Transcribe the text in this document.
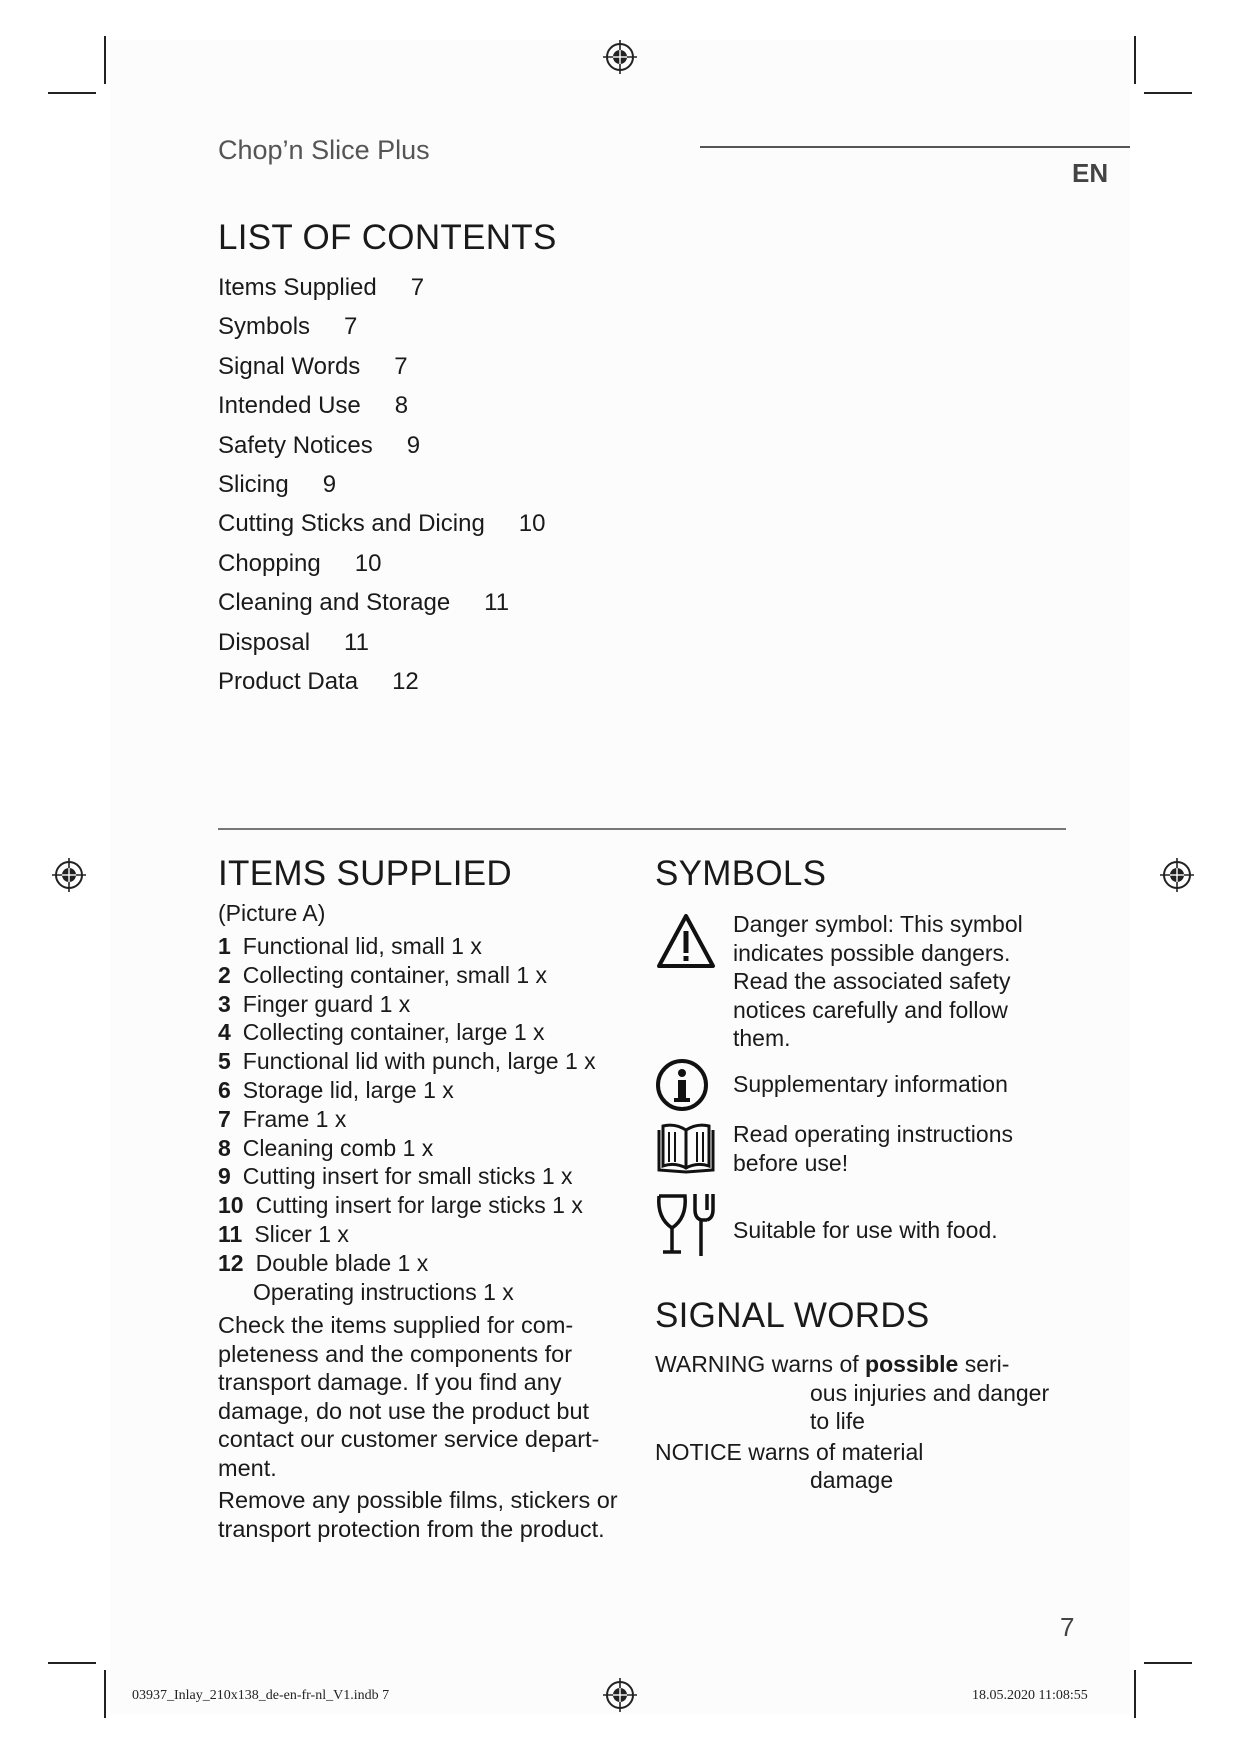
Chop’n Slice Plus
EN
LIST OF CONTENTS
Items Supplied 7
Symbols 7
Signal Words 7
Intended Use 8
Safety Notices 9
Slicing 9
Cutting Sticks and Dicing 10
Chopping 10
Cleaning and Storage 11
Disposal 11
Product Data 12
ITEMS SUPPLIED
(Picture A)
1 Functional lid, small 1 x
2 Collecting container, small 1 x
3 Finger guard 1 x
4 Collecting container, large 1 x
5 Functional lid with punch, large 1 x
6 Storage lid, large 1 x
7 Frame 1 x
8 Cleaning comb 1 x
9 Cutting insert for small sticks 1 x
10 Cutting insert for large sticks 1 x
11 Slicer 1 x
12 Double blade 1 x
Operating instructions 1 x
Check the items supplied for com-pleteness and the components for transport damage. If you find any damage, do not use the product but contact our customer service depart-ment.
Remove any possible films, stickers or transport protection from the product.
SYMBOLS
Danger symbol: This symbol indicates possible dangers. Read the associated safety notices carefully and follow them.
Supplementary information
Read operating instructions before use!
Suitable for use with food.
SIGNAL WORDS
WARNING warns of possible seri-
ous injuries and danger
to life
NOTICE warns of material
damage
7
03937_Inlay_210x138_de-en-fr-nl_V1.indb 7	18.05.2020 11:08:55
